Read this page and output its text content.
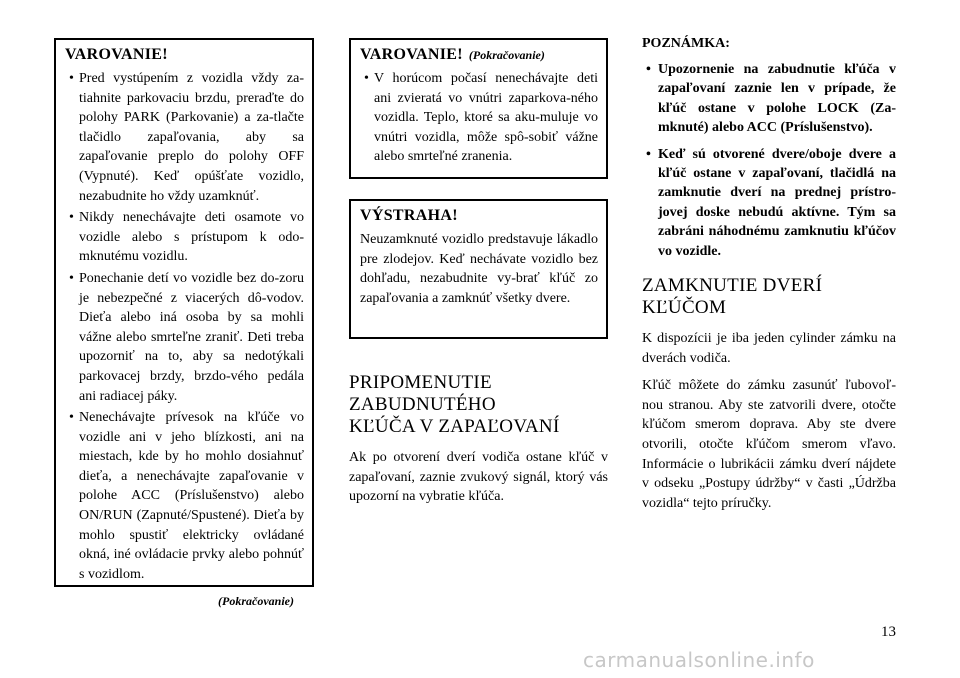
VAROVANIE!
• Pred vystúpením z vozidla vždy za-tiahnite parkovaciu brzdu, preraďte do polohy PARK (Parkovanie) a za-tlačte tlačidlo zapaľovania, aby sa zapaľovanie preplo do polohy OFF (Vypnuté). Keď opúšťate vozidlo, nezabudnite ho vždy uzamknúť.
• Nikdy nenechávajte deti osamote vo vozidle alebo s prístupom k odo-mknutému vozidlu.
• Ponechanie detí vo vozidle bez do-zoru je nebezpečné z viacerých dô-vodov. Dieťa alebo iná osoba by sa mohli vážne alebo smrteľne zraniť. Deti treba upozorniť na to, aby sa nedotýkali parkovacej brzdy, brzdo-vého pedála ani radiacej páky.
• Nenechávajte prívesok na kľúče vo vozidle ani v jeho blízkosti, ani na miestach, kde by ho mohlo dosiahnuť dieťa, a nenechávajte zapaľovanie v polohe ACC (Príslušenstvo) alebo ON/RUN (Zapnuté/Spustené). Dieťa by mohlo spustiť elektricky ovládané okná, iné ovládacie prvky alebo pohnúť s vozidlom.
(Pokračovanie)
VAROVANIE! (Pokračovanie)
• V horúcom počasí nenechávajte deti ani zvieratá vo vnútri zaparkova-ného vozidla. Teplo, ktoré sa aku-muluje vo vnútri vozidla, môže spô-sobiť vážne alebo smrteľné zranenia.
VÝSTRAHA!

Neuzamknuté vozidlo predstavuje lákadlo pre zlodejov. Keď nechávate vozidlo bez dohľadu, nezabudnite vy-brať kľúč zo zapaľovania a zamknúť všetky dvere.

PRIPOMENUTIE
ZABUDNUTÉHO
KĽÚČA V ZAPAĽOVANÍ

Ak po otvorení dverí vodiča ostane kľúč v zapaľovaní, zaznie zvukový signál, ktorý vás upozorní na vybratie kľúča.

POZNÁMKA:
• Upozornenie na zabudnutie kľúča v zapaľovaní zaznie len v prípade, že kľúč ostane v polohe LOCK (Za-mknuté) alebo ACC (Príslušenstvo).
• Keď sú otvorené dvere/oboje dvere a kľúč ostane v zapaľovaní, tlačidlá na zamknutie dverí na prednej prístro-jovej doske nebudú aktívne. Tým sa zabráni náhodnému zamknutiu kľúčov vo vozidle.
ZAMKNUTIE DVERÍ
KĽÚČOM

K dispozícii je iba jeden cylinder zámku na dverách vodiča.

Kľúč môžete do zámku zasunúť ľubovoľ-nou stranou. Aby ste zatvorili dvere, otočte kľúčom smerom doprava. Aby ste dvere otvorili, otočte kľúčom smerom vľavo. Informácie o lubrikácii zámku dverí nájdete v odseku „Postupy údržby“ v časti „Údržba vozidla“ tejto príručky.

13
carmanualsonline.info
